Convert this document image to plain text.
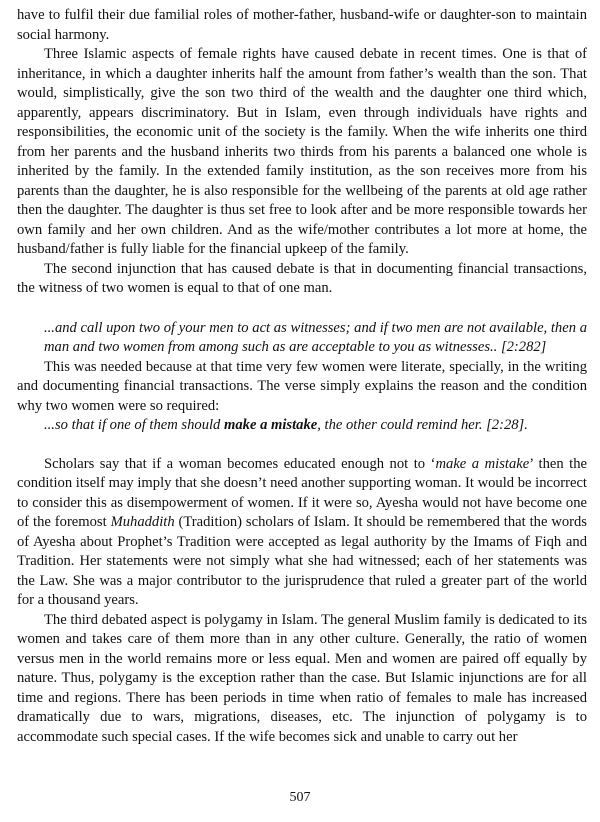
have to fulfil their due familial roles of mother-father, husband-wife or daughter-son to maintain social harmony.

Three Islamic aspects of female rights have caused debate in recent times. One is that of inheritance, in which a daughter inherits half the amount from father’s wealth than the son. That would, simplistically, give the son two third of the wealth and the daughter one third which, apparently, appears discriminatory. But in Islam, even through individuals have rights and responsibilities, the economic unit of the society is the family. When the wife inherits one third from her parents and the husband inherits two thirds from his parents a balanced one whole is inherited by the family. In the extended family institution, as the son receives more from his parents than the daughter, he is also responsible for the wellbeing of the parents at old age rather then the daughter. The daughter is thus set free to look after and be more responsible towards her own family and her own children. And as the wife/mother contributes a lot more at home, the husband/father is fully liable for the financial upkeep of the family.

The second injunction that has caused debate is that in documenting financial transactions, the witness of two women is equal to that of one man.

...and call upon two of your men to act as witnesses; and if two men are not available, then a man and two women from among such as are acceptable to you as witnesses.. [2:282]

This was needed because at that time very few women were literate, specially, in the writing and documenting financial transactions. The verse simply explains the reason and the condition why two women were so required:

...so that if one of them should make a mistake, the other could remind her. [2:28].

Scholars say that if a woman becomes educated enough not to ‘make a mistake’ then the condition itself may imply that she doesn’t need another supporting woman. It would be incorrect to consider this as disempowerment of women. If it were so, Ayesha would not have become one of the foremost Muhaddith (Tradition) scholars of Islam. It should be remembered that the words of Ayesha about Prophet’s Tradition were accepted as legal authority by the Imams of Fiqh and Tradition. Her statements were not simply what she had witnessed; each of her statements was the Law. She was a major contributor to the jurisprudence that ruled a greater part of the world for a thousand years.

The third debated aspect is polygamy in Islam. The general Muslim family is dedicated to its women and takes care of them more than in any other culture. Generally, the ratio of women versus men in the world remains more or less equal. Men and women are paired off equally by nature. Thus, polygamy is the exception rather than the case. But Islamic injunctions are for all time and regions. There has been periods in time when ratio of females to male has increased dramatically due to wars, migrations, diseases, etc. The injunction of polygamy is to accommodate such special cases. If the wife becomes sick and unable to carry out her

507
